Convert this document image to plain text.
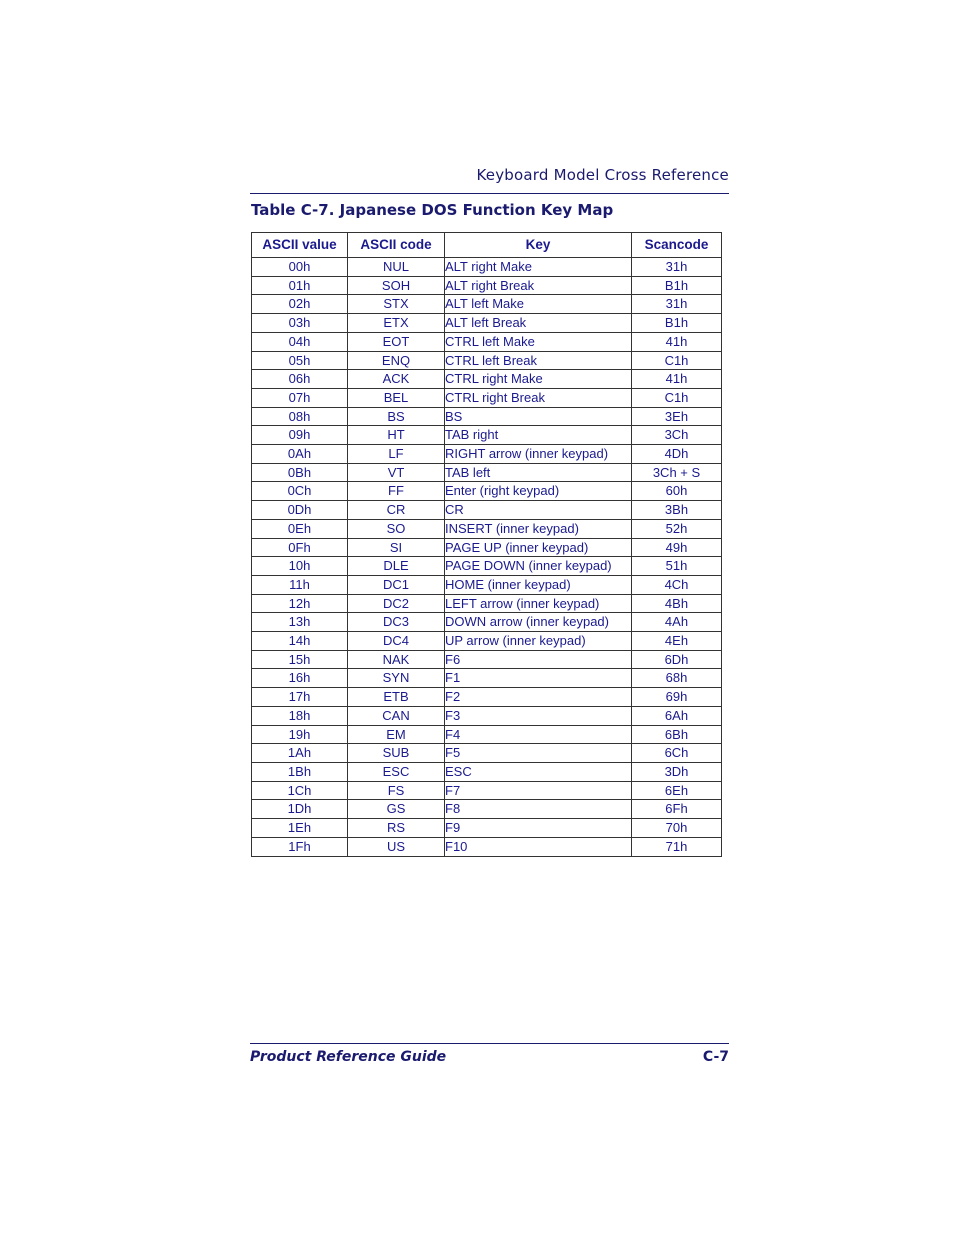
Keyboard Model Cross Reference
Table C-7. Japanese DOS Function Key Map
ASCII value	ASCII code	Key	Scancode
00h	NUL	ALT right Make	31h
01h	SOH	ALT right Break	B1h
02h	STX	ALT left Make	31h
03h	ETX	ALT left Break	B1h
04h	EOT	CTRL left Make	41h
05h	ENQ	CTRL left Break	C1h
06h	ACK	CTRL right Make	41h
07h	BEL	CTRL right Break	C1h
08h	BS	BS	3Eh
09h	HT	TAB right	3Ch
0Ah	LF	RIGHT arrow (inner keypad)	4Dh
0Bh	VT	TAB left	3Ch + S
0Ch	FF	Enter (right keypad)	60h
0Dh	CR	CR	3Bh
0Eh	SO	INSERT (inner keypad)	52h
0Fh	SI	PAGE UP (inner keypad)	49h
10h	DLE	PAGE DOWN (inner keypad)	51h
11h	DC1	HOME (inner keypad)	4Ch
12h	DC2	LEFT arrow (inner keypad)	4Bh
13h	DC3	DOWN arrow (inner keypad)	4Ah
14h	DC4	UP arrow (inner keypad)	4Eh
15h	NAK	F6	6Dh
16h	SYN	F1	68h
17h	ETB	F2	69h
18h	CAN	F3	6Ah
19h	EM	F4	6Bh
1Ah	SUB	F5	6Ch
1Bh	ESC	ESC	3Dh
1Ch	FS	F7	6Eh
1Dh	GS	F8	6Fh
1Eh	RS	F9	70h
1Fh	US	F10	71h
Product Reference Guide	C-7
